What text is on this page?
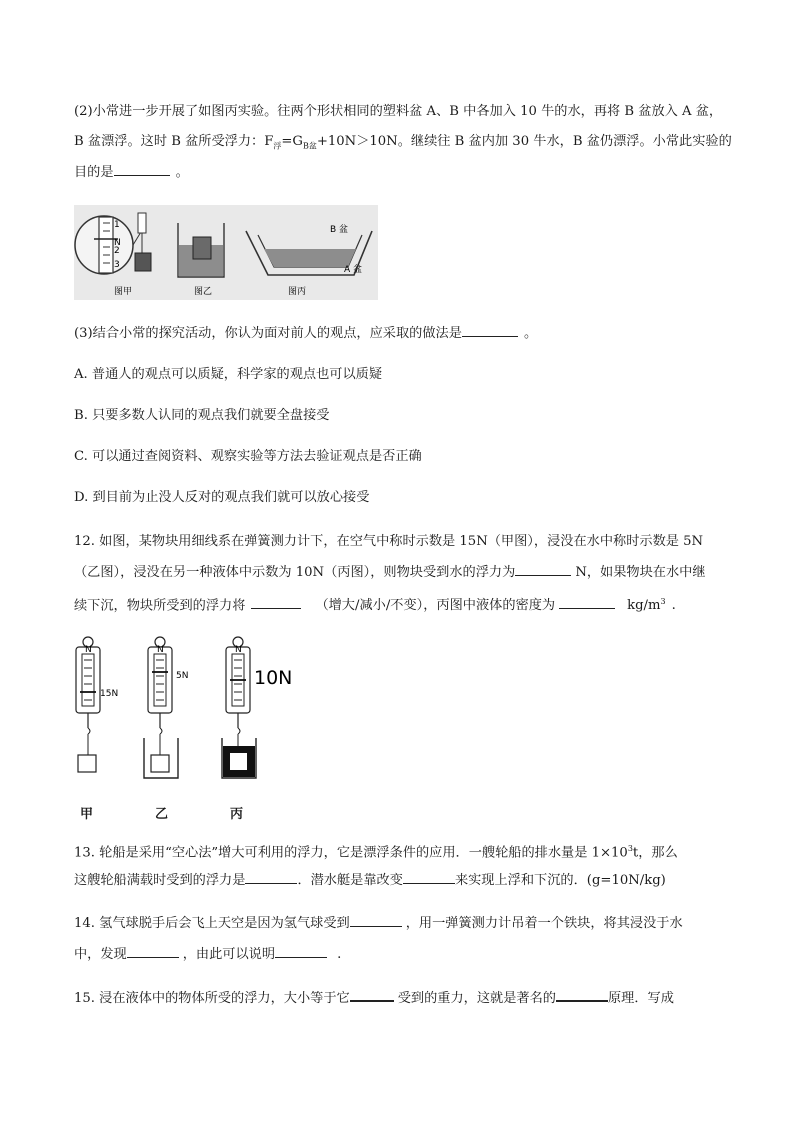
(2)小常进一步开展了如图丙实验。往两个形状相同的塑料盆 A、B 中各加入 10 牛的水，再将 B 盆放入 A 盆，
B 盆漂浮。这时 B 盆所受浮力：$F_浮=G_{B盆}+10N>10N$。继续往 B 盆内加 30 牛水，B 盆仍漂浮。小常此实验的
目的是	。
1
N
2
3
图甲	图乙
B 盆
A 盆
图丙
(3)结合小常的探究活动，你认为面对前人的观点，应采取的做法是	。
A. 普通人的观点可以质疑，科学家的观点也可以质疑
B. 只要多数人认同的观点我们就要全盘接受
C. 可以通过查阅资料、观察实验等方法去验证观点是否正确
D. 到目前为止没人反对的观点我们就可以放心接受
12. 如图，某物块用细线系在弹簧测力计下，在空气中称时示数是 15N（甲图），浸没在水中称时示数是 5N
（乙图），浸没在另一种液体中示数为 10N（丙图），则物块受到水的浮力为	N，如果物块在水中继
续下沉，物块所受到的浮力将	（增大/减小/不变），丙图中液体的密度为	$kg/m^3$ .
N
15N
N
5N
N
10N
甲	乙	丙
13. 轮船是采用“空心法”增大可利用的浮力，它是漂浮条件的应用．一艘轮船的排水量是 $1\times 10^3t$，那么
这艘轮船满载时受到的浮力是	．潜水艇是靠改变	来实现上浮和下沉的．(g=10N/kg)
14. 氢气球脱手后会飞上天空是因为氢气球受到	，用一弹簧测力计吊着一个铁块，将其浸没于水
中，发现	，由此可以说明	.
15. 浸在液体中的物体所受的浮力，大小等于它	受到的重力，这就是著名的	原理．写成
